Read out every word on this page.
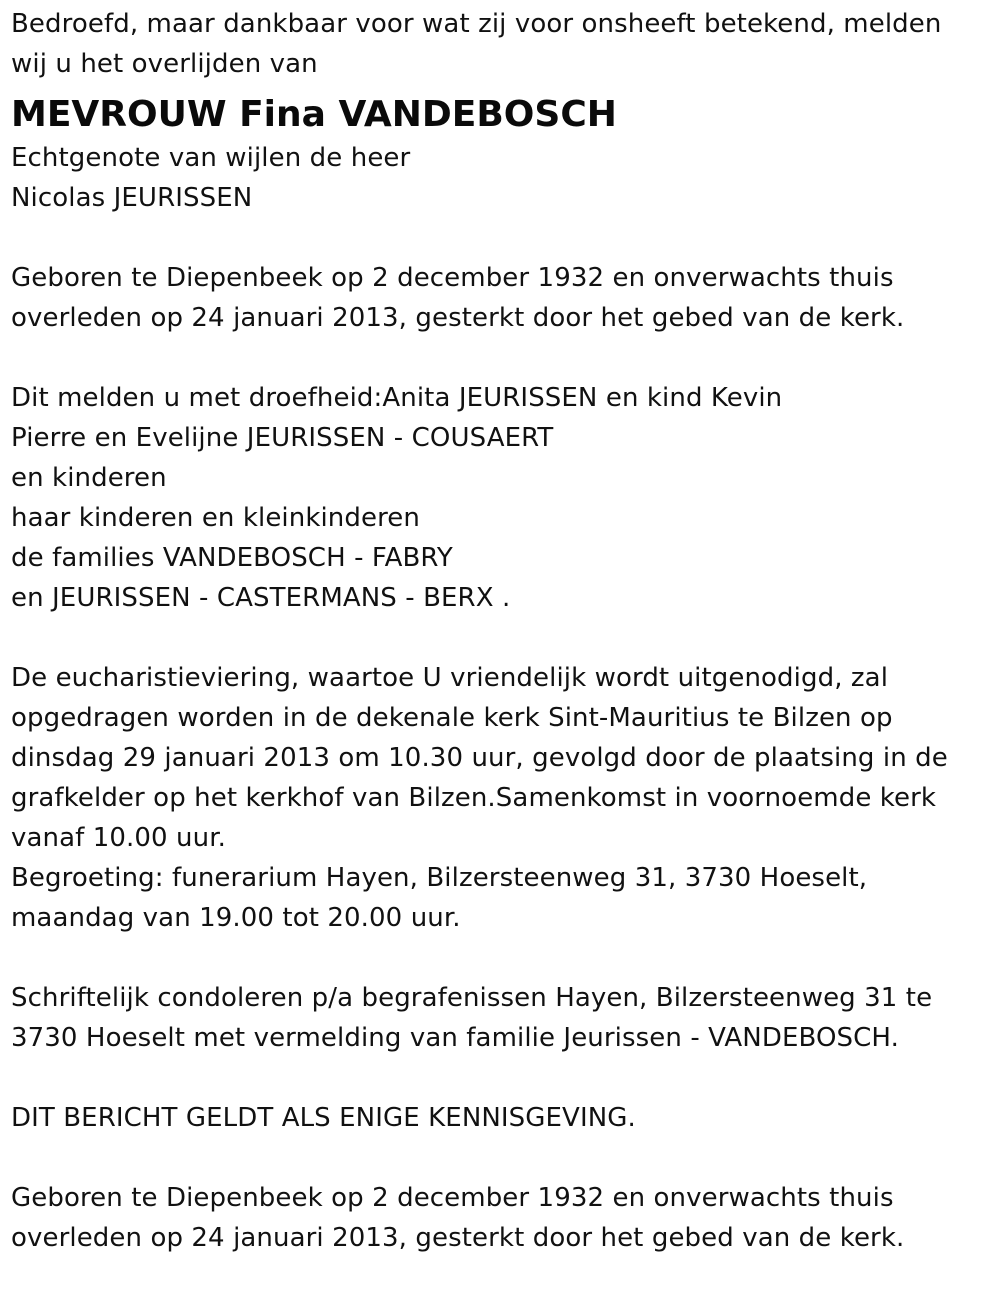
Bedroefd, maar dankbaar voor wat zij voor onsheeft betekend, melden
wij u het overlijden van
MEVROUW Fina VANDEBOSCH
Echtgenote van wijlen de heer
Nicolas JEURISSEN
Geboren te Diepenbeek op 2 december 1932 en onverwachts thuis
overleden op 24 januari 2013, gesterkt door het gebed van de kerk.
Dit melden u met droefheid:Anita JEURISSEN en kind Kevin
Pierre en Evelijne JEURISSEN - COUSAERT
en kinderen
haar kinderen en kleinkinderen
de families VANDEBOSCH - FABRY
en JEURISSEN - CASTERMANS - BERX .
De eucharistieviering, waartoe U vriendelijk wordt uitgenodigd, zal
opgedragen worden in de dekenale kerk Sint-Mauritius te Bilzen op
dinsdag 29 januari 2013 om 10.30 uur, gevolgd door de plaatsing in de
grafkelder op het kerkhof van Bilzen.Samenkomst in voornoemde kerk
vanaf 10.00 uur.
Begroeting: funerarium Hayen, Bilzersteenweg 31, 3730 Hoeselt,
maandag van 19.00 tot 20.00 uur.
Schriftelijk condoleren p/a begrafenissen Hayen, Bilzersteenweg 31 te
3730 Hoeselt met vermelding van familie Jeurissen - VANDEBOSCH.
DIT BERICHT GELDT ALS ENIGE KENNISGEVING.
Geboren te Diepenbeek op 2 december 1932 en onverwachts thuis
overleden op 24 januari 2013, gesterkt door het gebed van de kerk.
